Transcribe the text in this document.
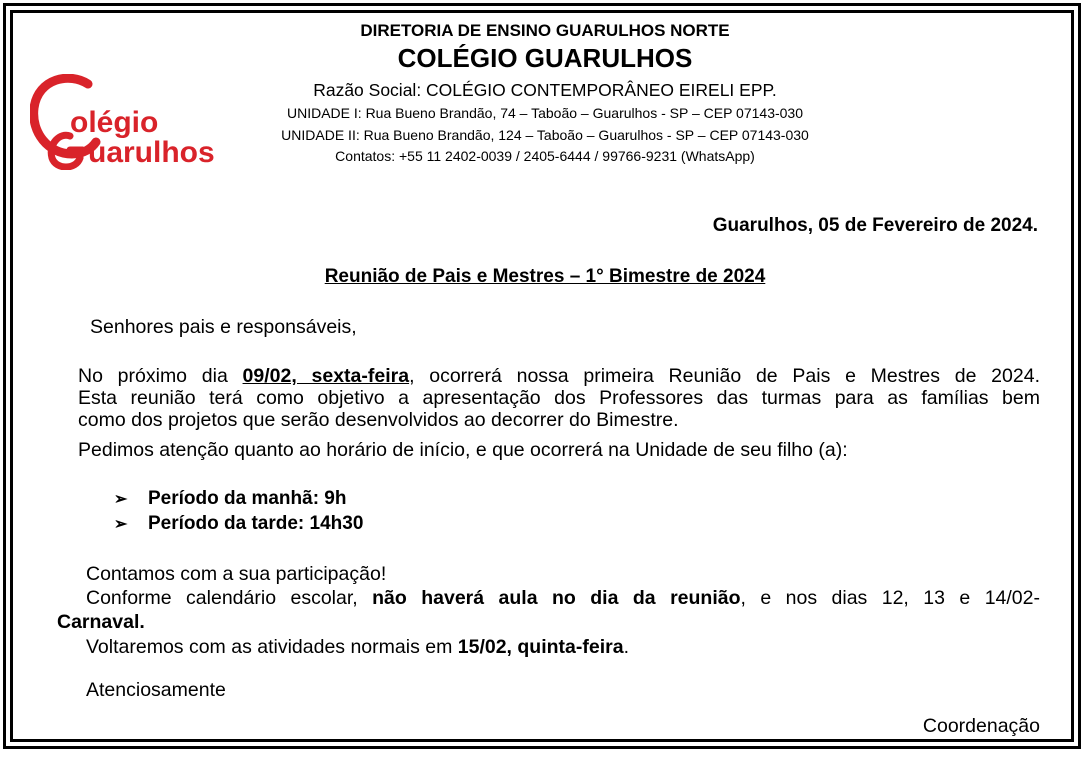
olégio
uarulhos
DIRETORIA DE ENSINO GUARULHOS NORTE
COLÉGIO GUARULHOS
Razão Social: COLÉGIO CONTEMPORÂNEO EIRELI EPP.
UNIDADE I: Rua Bueno Brandão, 74 – Taboão – Guarulhos - SP – CEP 07143-030
UNIDADE II: Rua Bueno Brandão, 124 – Taboão – Guarulhos - SP – CEP 07143-030
Contatos: +55 11 2402-0039 / 2405-6444 / 99766-9231 (WhatsApp)
Guarulhos, 05 de Fevereiro de 2024.
Reunião de Pais e Mestres – 1° Bimestre de 2024
Senhores pais e responsáveis,
No próximo dia 09/02, sexta-feira, ocorrerá nossa primeira Reunião de Pais e Mestres de 2024.
Esta reunião terá como objetivo a apresentação dos Professores das turmas para as famílias bem
como dos projetos que serão desenvolvidos ao decorrer do Bimestre.
Pedimos atenção quanto ao horário de início, e que ocorrerá na Unidade de seu filho (a):
➢ Período da manhã: 9h
➢ Período da tarde: 14h30
Contamos com a sua participação!
Conforme calendário escolar, não haverá aula no dia da reunião, e nos dias 12, 13 e 14/02-
Carnaval.
Voltaremos com as atividades normais em 15/02, quinta-feira.
Atenciosamente
Coordenação
